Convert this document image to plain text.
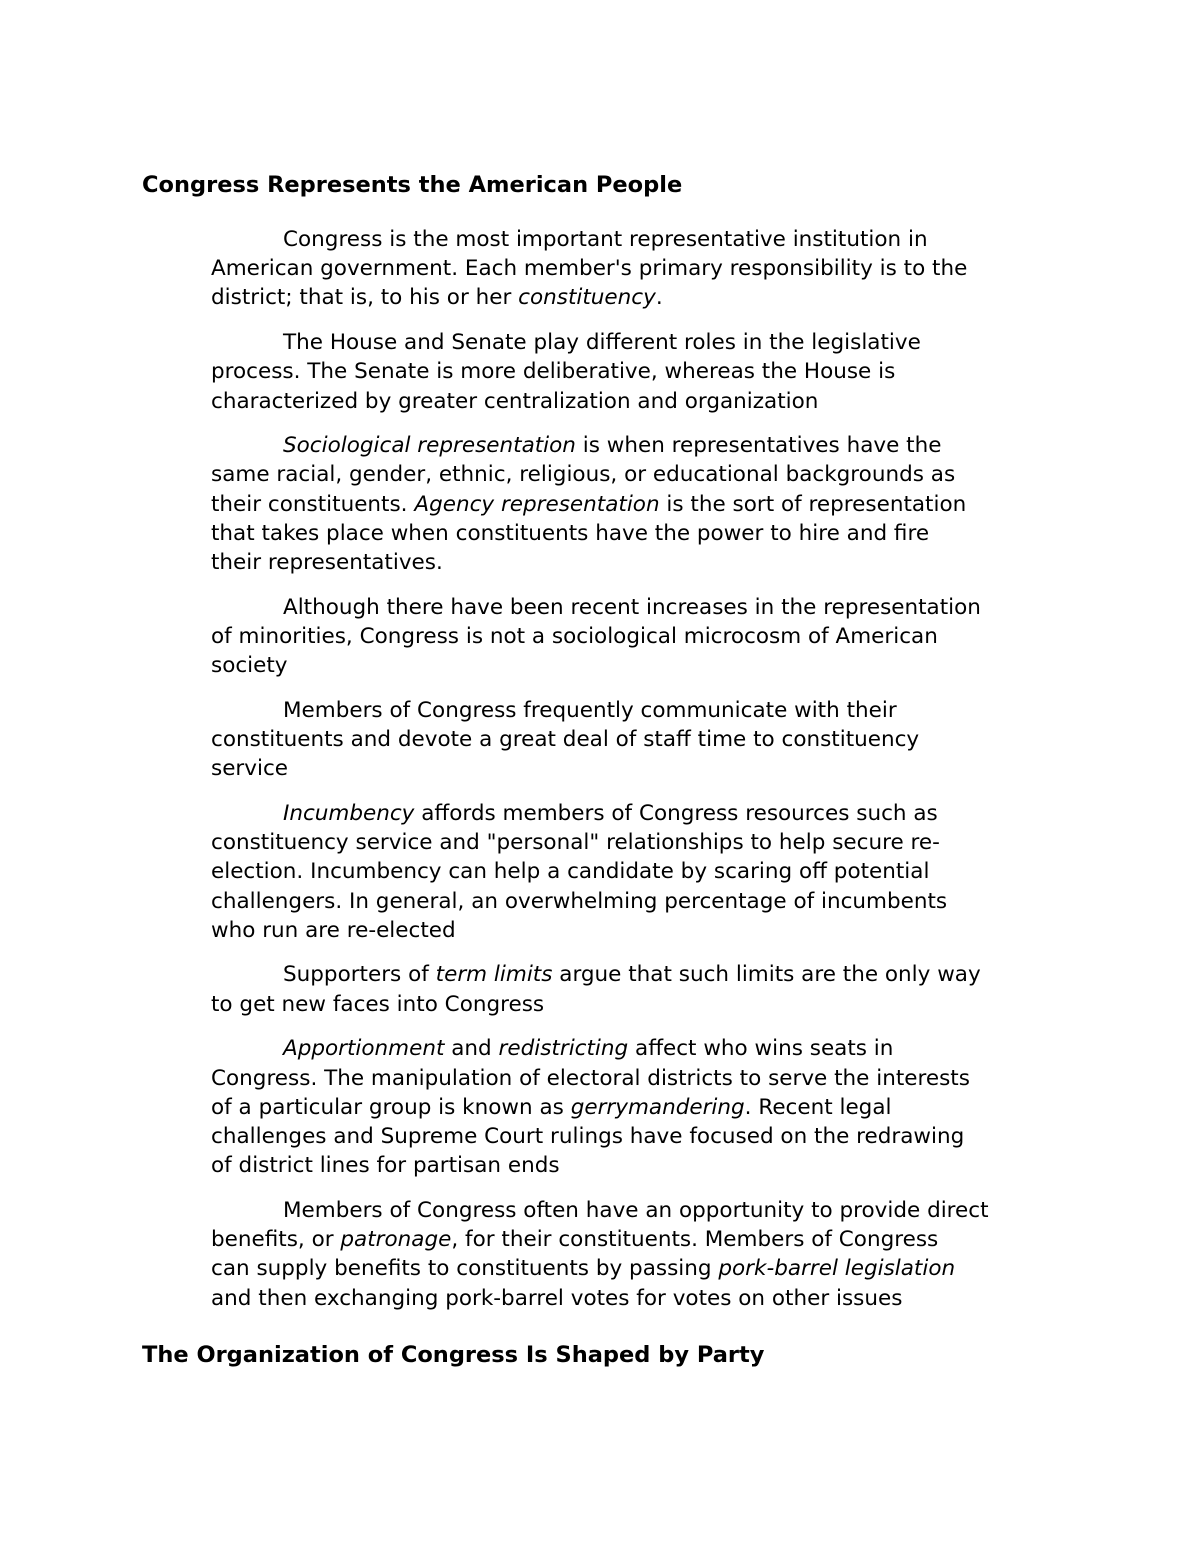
Congress Represents the American People

Congress is the most important representative institution in
American government. Each member's primary responsibility is to the
district; that is, to his or her constituency.

The House and Senate play different roles in the legislative
process. The Senate is more deliberative, whereas the House is
characterized by greater centralization and organization

Sociological representation is when representatives have the
same racial, gender, ethnic, religious, or educational backgrounds as
their constituents. Agency representation is the sort of representation
that takes place when constituents have the power to hire and fire
their representatives.

Although there have been recent increases in the representation
of minorities, Congress is not a sociological microcosm of American
society

Members of Congress frequently communicate with their
constituents and devote a great deal of staff time to constituency
service

Incumbency affords members of Congress resources such as
constituency service and "personal" relationships to help secure re-
election. Incumbency can help a candidate by scaring off potential
challengers. In general, an overwhelming percentage of incumbents
who run are re-elected

Supporters of term limits argue that such limits are the only way
to get new faces into Congress

Apportionment and redistricting affect who wins seats in
Congress. The manipulation of electoral districts to serve the interests
of a particular group is known as gerrymandering. Recent legal
challenges and Supreme Court rulings have focused on the redrawing
of district lines for partisan ends

Members of Congress often have an opportunity to provide direct
benefits, or patronage, for their constituents. Members of Congress
can supply benefits to constituents by passing pork-barrel legislation
and then exchanging pork-barrel votes for votes on other issues

The Organization of Congress Is Shaped by Party
